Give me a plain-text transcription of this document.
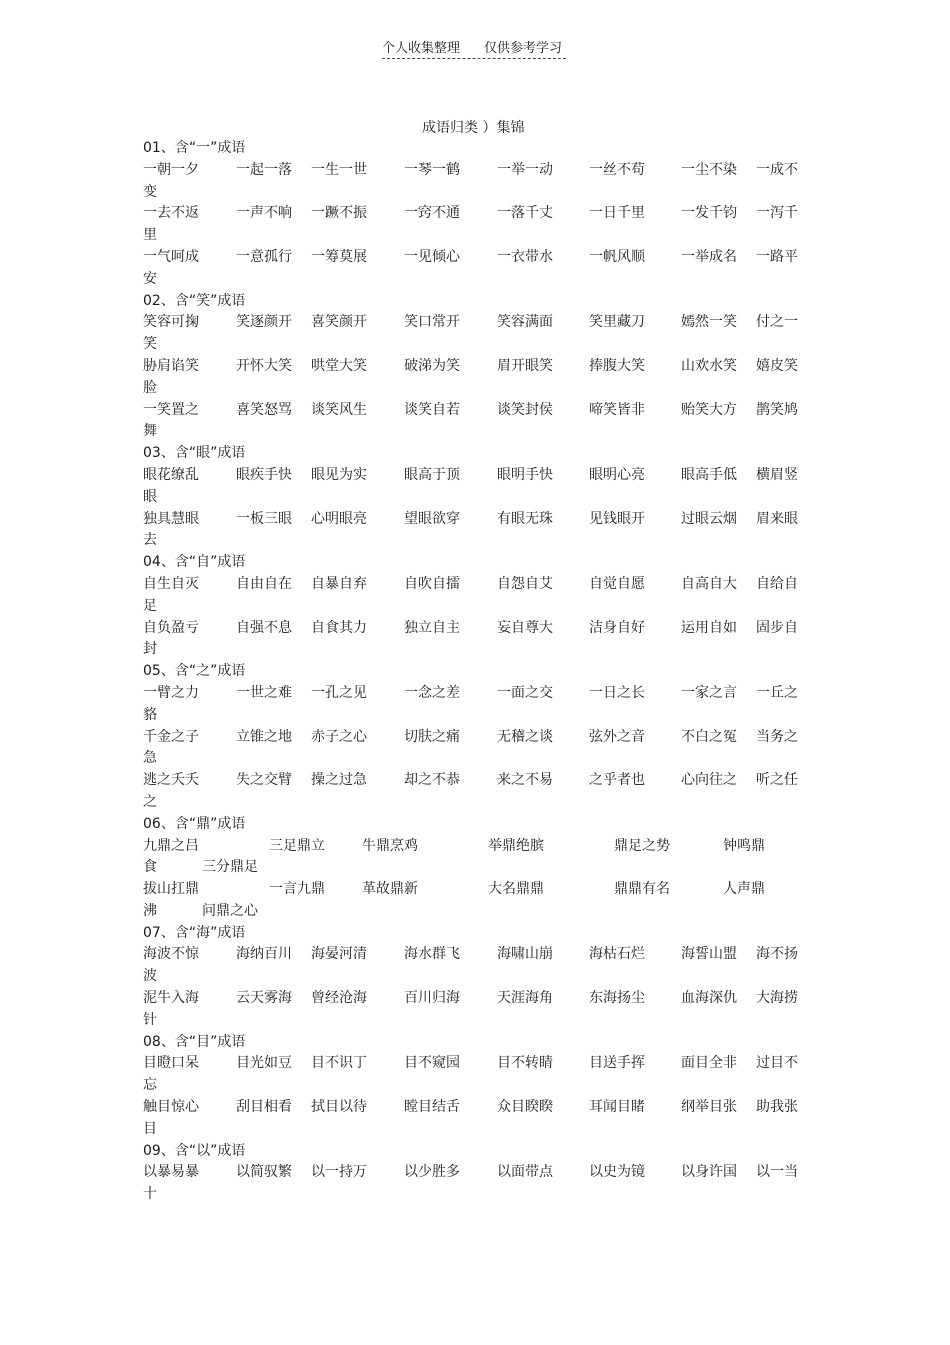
个人收集整理 仅供参考学习
成语归类 ）集锦
01、含“一”成语
一朝一夕	一起一落 一生一世	一琴一鹤	一举一动	一丝不苟	一尘不染 一成不
变
一去不返	一声不响 一蹶不振	一窍不通	一落千丈	一日千里	一发千钧 一泻千
里
一气呵成	一意孤行 一筹莫展	一见倾心	一衣带水	一帆风顺	一举成名 一路平
安
02、含“笑”成语
笑容可掬	笑逐颜开 喜笑颜开	笑口常开	笑容满面	笑里藏刀	嫣然一笑 付之一
笑
胁肩谄笑	开怀大笑 哄堂大笑	破涕为笑	眉开眼笑	捧腹大笑	山欢水笑 嬉皮笑
脸
一笑置之	喜笑怒骂 谈笑风生	谈笑自若	谈笑封侯	啼笑皆非	贻笑大方 鹊笑鸠
舞
03、含“眼”成语
眼花缭乱	眼疾手快 眼见为实	眼高于顶	眼明手快	眼明心亮	眼高手低 横眉竖
眼
独具慧眼	一板三眼 心明眼亮	望眼欲穿	有眼无珠	见钱眼开	过眼云烟 眉来眼
去
04、含“自”成语
自生自灭	自由自在 自暴自弃	自吹自擂	自怨自艾	自觉自愿	自高自大 自给自
足
自负盈亏	自强不息 自食其力	独立自主	妄自尊大	洁身自好	运用自如 固步自
封
05、含“之”成语
一臂之力	一世之难 一孔之见	一念之差	一面之交	一日之长	一家之言 一丘之
貉
千金之子	立锥之地 赤子之心	切肤之痛	无稽之谈	弦外之音	不白之冤 当务之
急
逃之夭夭	失之交臂 操之过急	却之不恭	来之不易	之乎者也	心向往之 听之任
之
06、含“鼎”成语
九鼎之吕	三足鼎立	牛鼎烹鸡	举鼎绝膑	鼎足之势	钟鸣鼎
食	三分鼎足
拔山扛鼎	一言九鼎	革故鼎新	大名鼎鼎	鼎鼎有名	人声鼎
沸	问鼎之心
07、含“海”成语
海波不惊	海纳百川 海晏河清	海水群飞	海啸山崩	海枯石烂	海誓山盟 海不扬
波
泥牛入海	云天雾海 曾经沧海	百川归海	天涯海角	东海扬尘	血海深仇 大海捞
针
08、含“目”成语
目瞪口呆	目光如豆 目不识丁	目不窥园	目不转睛	目送手挥	面目全非 过目不
忘
触目惊心	刮目相看 拭目以待	瞠目结舌	众目睽睽	耳闻目睹	纲举目张 助我张
目
09、含“以”成语
以暴易暴	以简驭繁 以一持万	以少胜多	以面带点	以史为镜	以身许国 以一当
十
